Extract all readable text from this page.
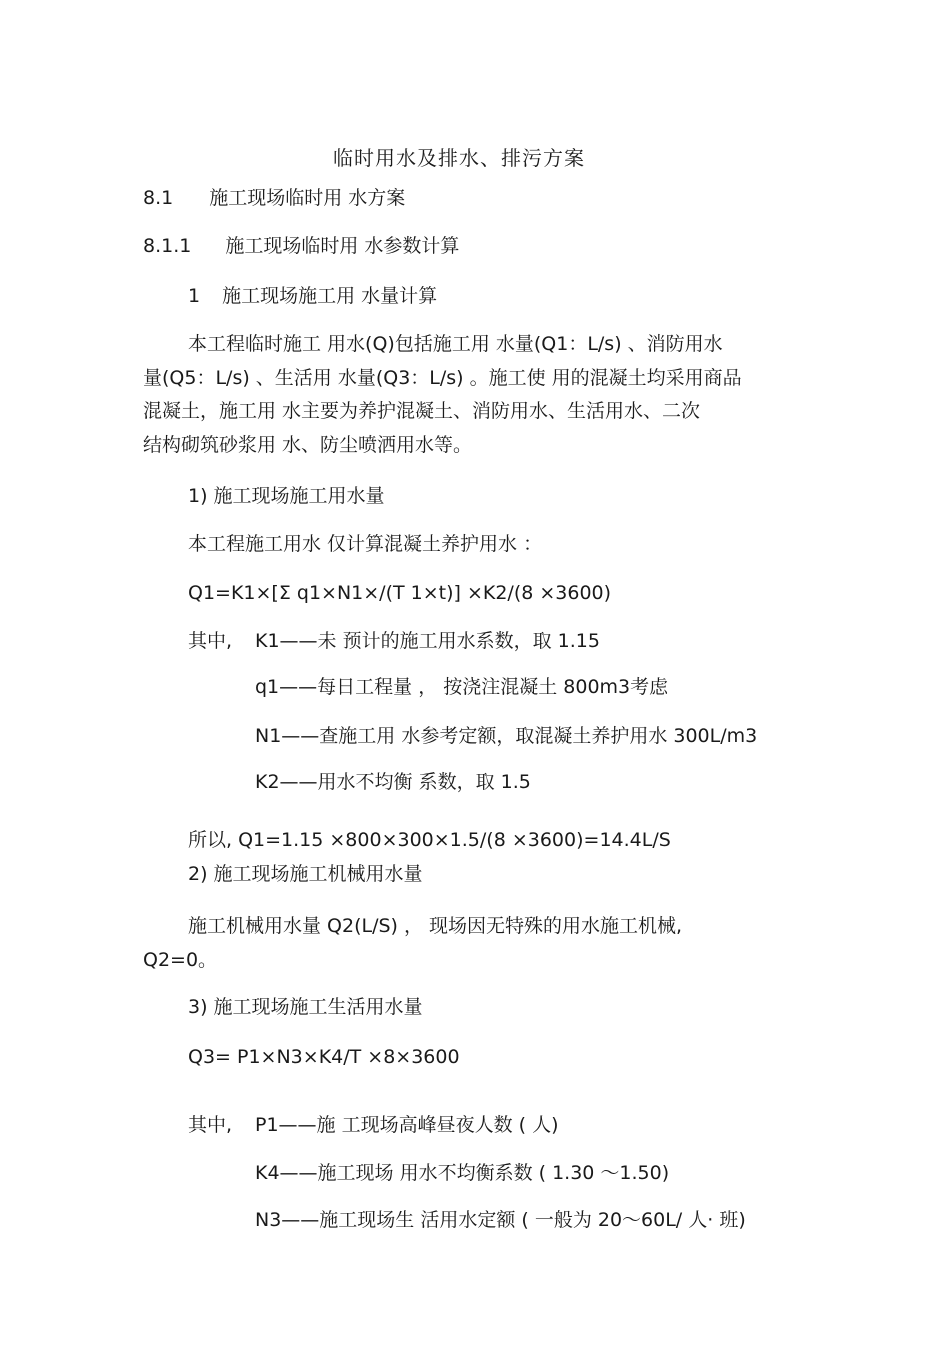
临时用水及排水、排污方案
8.1 施工现场临时用 水方案
8.1.1 施工现场临时用 水参数计算
1 施工现场施工用 水量计算
本工程临时施工 用水(Q)包括施工用 水量(Q1：L/s) 、消防用水
量(Q5：L/s) 、生活用 水量(Q3：L/s) 。施工使 用的混凝土均采用商品
混凝土，施工用 水主要为养护混凝土、消防用水、生活用水、二次
结构砌筑砂浆用 水、防尘喷洒用水等。
1) 施工现场施工用水量
本工程施工用水 仅计算混凝土养护用水 ：
Q1=K1×[Σ q1×N1×/(T 1×t)] ×K2/(8 ×3600)
其中, K1——未 预计的施工用水系数，取 1.15
q1——每日工程量 ， 按浇注混凝土 800m3考虑
N1——查施工用 水参考定额，取混凝土养护用水 300L/m3
K2——用水不均衡 系数，取 1.5
所以, Q1=1.15 ×800×300×1.5/(8 ×3600)=14.4L/S
2) 施工现场施工机械用水量
施工机械用水量 Q2(L/S) ， 现场因无特殊的用水施工机械,
Q2=0。
3) 施工现场施工生活用水量
Q3= P1×N3×K4/T ×8×3600
其中, P1——施 工现场高峰昼夜人数 ( 人)
K4——施工现场 用水不均衡系数 ( 1.30 ～1.50)
N3——施工现场生 活用水定额 ( 一般为 20～60L/ 人· 班)
